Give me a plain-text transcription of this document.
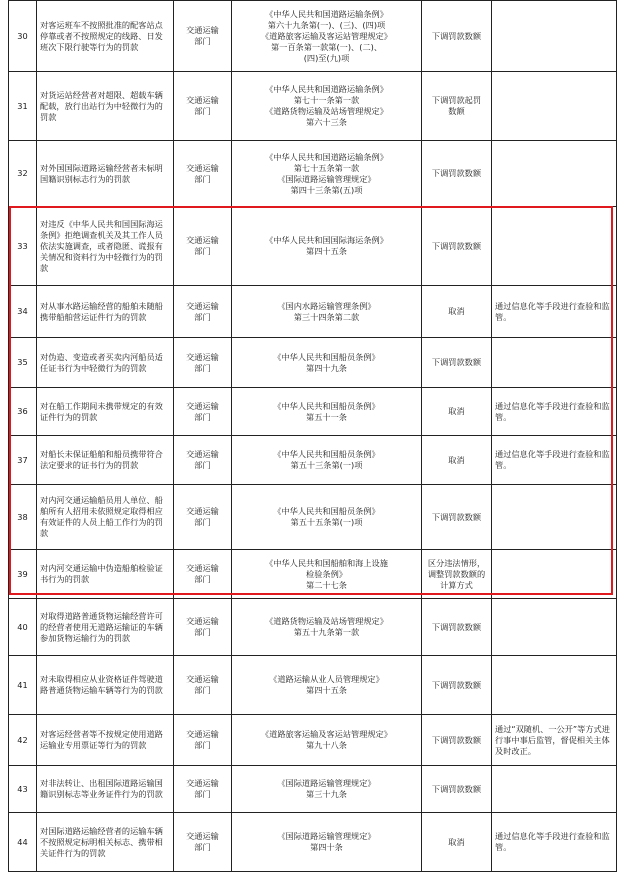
30	对客运班车不按照批准的配客站点停靠或者不按照规定的线路、日发班次下限行驶等行为的罚款	交通运输
部门	《中华人民共和国道路运输条例》
第六十九条第(一)、(三)、(四)项
《道路旅客运输及客运站管理规定》
第一百条第一款第(一)、(二)、
(四)至(九)项	下调罚款数额	
31	对货运站经营者对超限、超载车辆配载，放行出站行为中轻微行为的罚款	交通运输
部门	《中华人民共和国道路运输条例》
第七十一条第一款
《道路货物运输及站场管理规定》
第六十三条	下调罚款起罚
数额	
32	对外国国际道路运输经营者未标明国籍识别标志行为的罚款	交通运输
部门	《中华人民共和国道路运输条例》
第七十五条第一款
《国际道路运输管理规定》
第四十三条第(五)项	下调罚款数额	
33	对违反《中华人民共和国国际海运条例》拒绝调查机关及其工作人员依法实施调查，或者隐匿、谎报有关情况和资料行为中轻微行为的罚款	交通运输
部门	《中华人民共和国国际海运条例》
第四十五条	下调罚款数额	
34	对从事水路运输经营的船舶未随船携带船舶营运证件行为的罚款	交通运输
部门	《国内水路运输管理条例》
第三十四条第二款	取消	通过信息化等手段进行查验和监管。
35	对伪造、变造或者买卖内河船员适任证书行为中轻微行为的罚款	交通运输
部门	《中华人民共和国船员条例》
第四十九条	下调罚款数额	
36	对在船工作期间未携带规定的有效证件行为的罚款	交通运输
部门	《中华人民共和国船员条例》
第五十一条	取消	通过信息化等手段进行查验和监管。
37	对船长未保证船舶和船员携带符合法定要求的证书行为的罚款	交通运输
部门	《中华人民共和国船员条例》
第五十三条第(一)项	取消	通过信息化等手段进行查验和监管。
38	对内河交通运输船员用人单位、船舶所有人招用未依照规定取得相应有效证件的人员上船工作行为的罚款	交通运输
部门	《中华人民共和国船员条例》
第五十五条第(一)项	下调罚款数额	
39	对内河交通运输中伪造船舶检验证书行为的罚款	交通运输
部门	《中华人民共和国船舶和海上设施
检验条例》
第二十七条	区分违法情形，调整罚款数额的计算方式	
40	对取得道路普通货物运输经营许可的经营者使用无道路运输证的车辆参加货物运输行为的罚款	交通运输
部门	《道路货物运输及站场管理规定》
第五十九条第一款	下调罚款数额	
41	对未取得相应从业资格证件驾驶道路普通货物运输车辆等行为的罚款	交通运输
部门	《道路运输从业人员管理规定》
第四十五条	下调罚款数额	
42	对客运经营者等不按规定使用道路运输业专用票证等行为的罚款	交通运输
部门	《道路旅客运输及客运站管理规定》
第九十八条	下调罚款数额	通过“双随机、一公开”等方式进行事中事后监管，督促相关主体及时改正。
43	对非法转让、出租国际道路运输国籍识别标志等业务证件行为的罚款	交通运输
部门	《国际道路运输管理规定》
第三十九条	下调罚款数额	
44	对国际道路运输经营者的运输车辆不按照规定标明相关标志、携带相关证件行为的罚款	交通运输
部门	《国际道路运输管理规定》
第四十条	取消	通过信息化等手段进行查验和监管。
